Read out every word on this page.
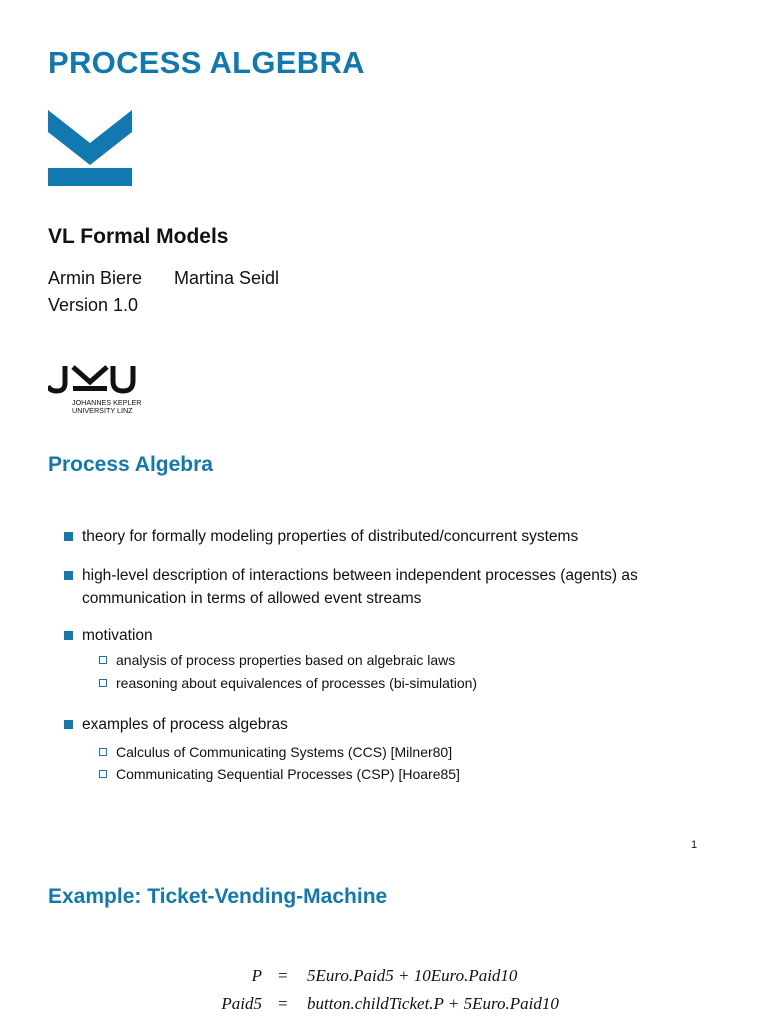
PROCESS ALGEBRA
VL Formal Models
Armin Biere Martina Seidl
Version 1.0
JOHANNES KEPLER
UNIVERSITY LINZ
Process Algebra
theory for formally modeling properties of distributed/concurrent systems
high-level description of interactions between independent processes (agents) as communication in terms of allowed event streams
motivation
analysis of process properties based on algebraic laws
reasoning about equivalences of processes (bi-simulation)
examples of process algebras
Calculus of Communicating Systems (CCS) [Milner80]
Communicating Sequential Processes (CSP) [Hoare85]
1
Example: Ticket-Vending-Machine
P = 5Euro.Paid5 + 10Euro.Paid10
Paid5 = button.childTicket.P + 5Euro.Paid10
